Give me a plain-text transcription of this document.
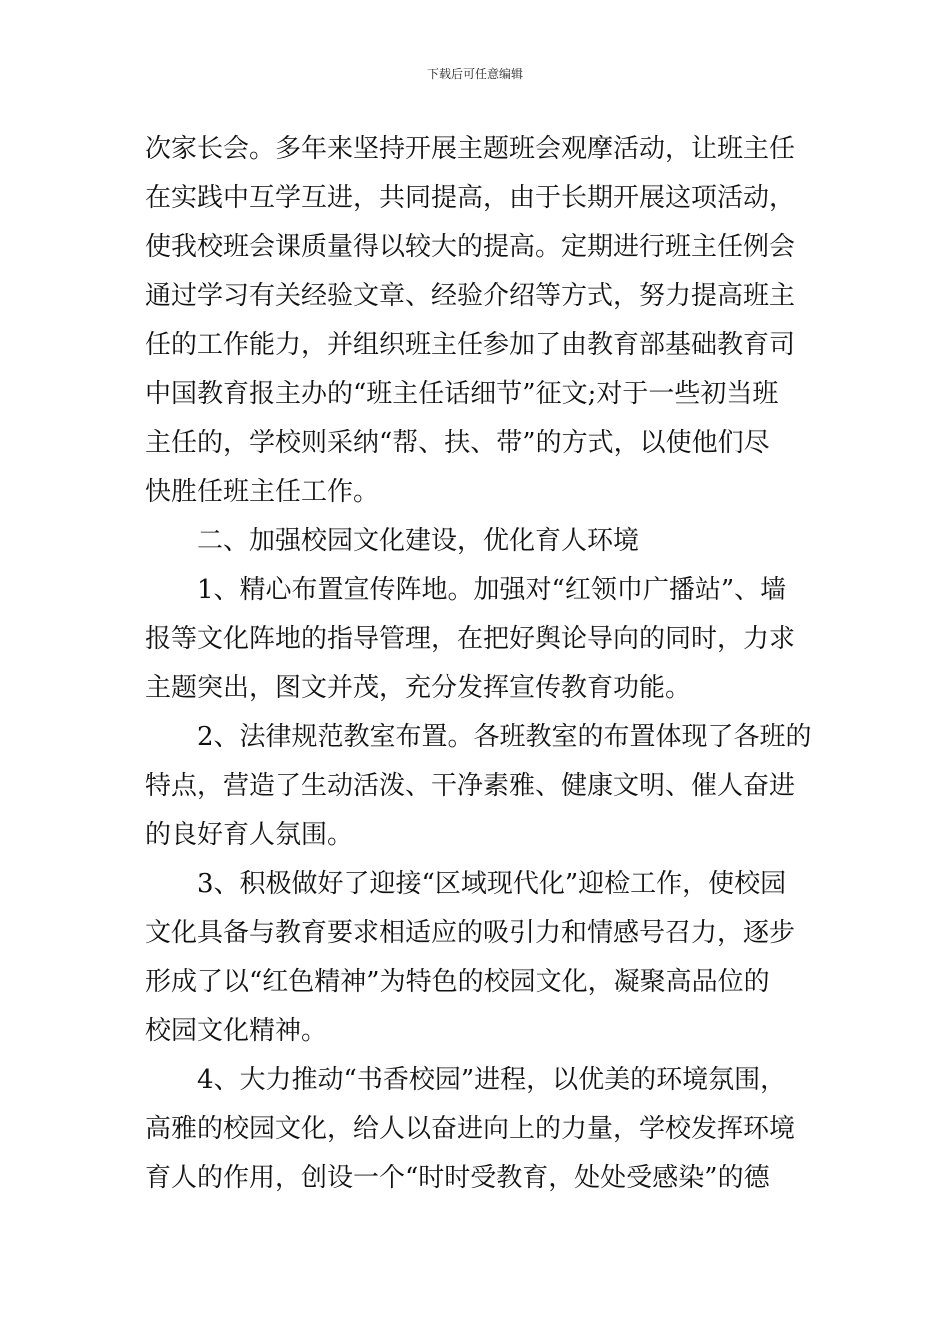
下载后可任意编辑
次家长会。多年来坚持开展主题班会观摩活动，让班主任
在实践中互学互进，共同提高，由于长期开展这项活动，
使我校班会课质量得以较大的提高。定期进行班主任例会
通过学习有关经验文章、经验介绍等方式，努力提高班主
任的工作能力，并组织班主任参加了由教育部基础教育司
中国教育报主办的“班主任话细节”征文;对于一些初当班
主任的，学校则采纳“帮、扶、带”的方式，以使他们尽
快胜任班主任工作。
二、加强校园文化建设，优化育人环境
1、精心布置宣传阵地。加强对“红领巾广播站”、墙
报等文化阵地的指导管理，在把好舆论导向的同时，力求
主题突出，图文并茂，充分发挥宣传教育功能。
2、法律规范教室布置。各班教室的布置体现了各班的
特点，营造了生动活泼、干净素雅、健康文明、催人奋进
的良好育人氛围。
3、积极做好了迎接“区域现代化”迎检工作，使校园
文化具备与教育要求相适应的吸引力和情感号召力，逐步
形成了以“红色精神”为特色的校园文化，凝聚高品位的
校园文化精神。
4、大力推动“书香校园”进程，以优美的环境氛围，
高雅的校园文化，给人以奋进向上的力量，学校发挥环境
育人的作用，创设一个“时时受教育，处处受感染”的德
